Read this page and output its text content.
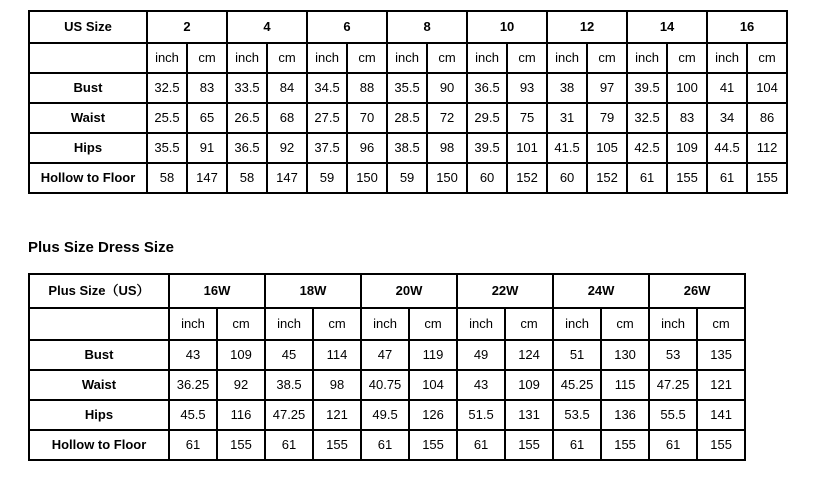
US Size	2		4		6		8		10		12		14		16	
	inch	cm	inch	cm	inch	cm	inch	cm	inch	cm	inch	cm	inch	cm	inch	cm
Bust	32.5	83	33.5	84	34.5	88	35.5	90	36.5	93	38	97	39.5	100	41	104
Waist	25.5	65	26.5	68	27.5	70	28.5	72	29.5	75	31	79	32.5	83	34	86
Hips	35.5	91	36.5	92	37.5	96	38.5	98	39.5	101	41.5	105	42.5	109	44.5	112
Hollow to Floor	58	147	58	147	59	150	59	150	60	152	60	152	61	155	61	155
Plus Size Dress Size
Plus Size（US）	16W		18W		20W		22W		24W		26W	
	inch	cm	inch	cm	inch	cm	inch	cm	inch	cm	inch	cm
Bust	43	109	45	114	47	119	49	124	51	130	53	135
Waist	36.25	92	38.5	98	40.75	104	43	109	45.25	115	47.25	121
Hips	45.5	116	47.25	121	49.5	126	51.5	131	53.5	136	55.5	141
Hollow to Floor	61	155	61	155	61	155	61	155	61	155	61	155
